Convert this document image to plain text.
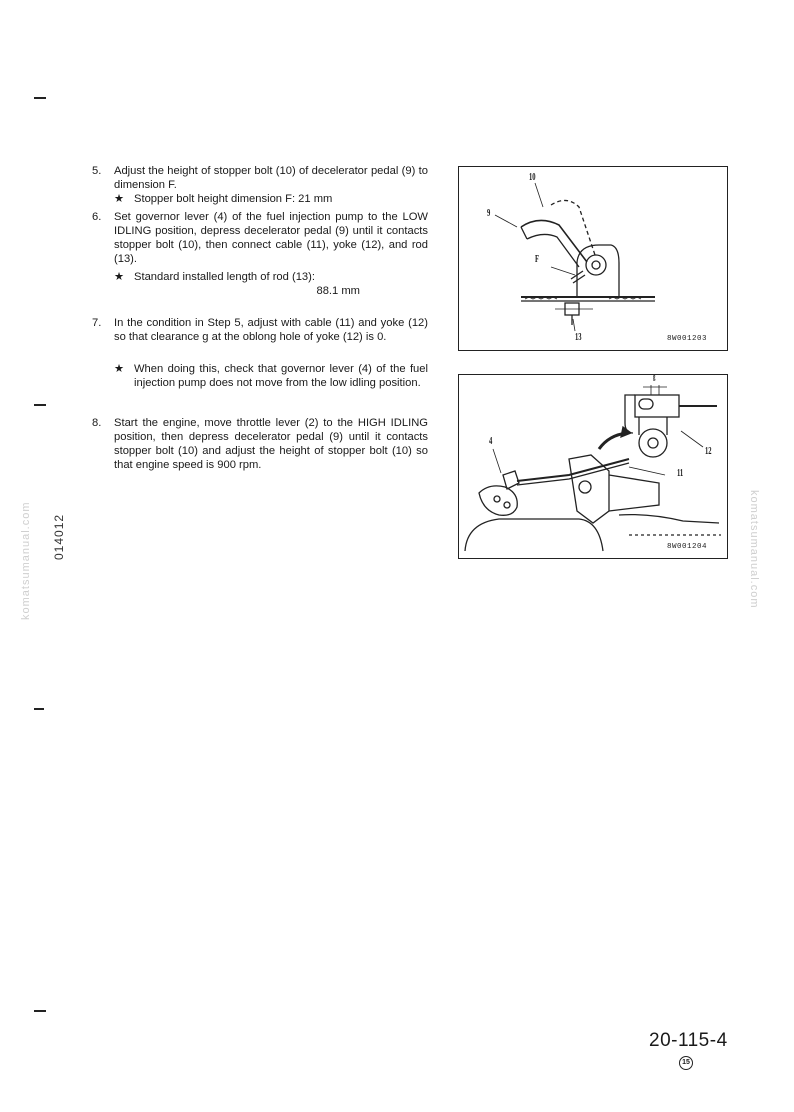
014012
komatsumanual.com	komatsumanual.com
5.	Adjust the height of stopper bolt (10) of decelerator pedal (9) to dimension F.
★ Stopper bolt height dimension F: 21 mm
6.	Set governor lever (4) of the fuel injection pump to the LOW IDLING position, depress decelerator pedal (9) until it contacts stopper bolt (10), then connect cable (11), yoke (12), and rod (13).
★ Standard installed length of rod (13):
88.1 mm
7.	In the condition in Step 5, adjust with cable (11) and yoke (12) so that clearance g at the oblong hole of yoke (12) is 0.
★ When doing this, check that governor lever (4) of the fuel injection pump does not move from the low idling position.
8.	Start the engine, move throttle lever (2) to the HIGH IDLING position, then depress decelerator pedal (9) until it contacts stopper bolt (10) and adjust the height of stopper bolt (10) so that engine speed is 900 rpm.
10
9
F
13	8W001203
g
4
12
11
8W001204
20-115-4
15
